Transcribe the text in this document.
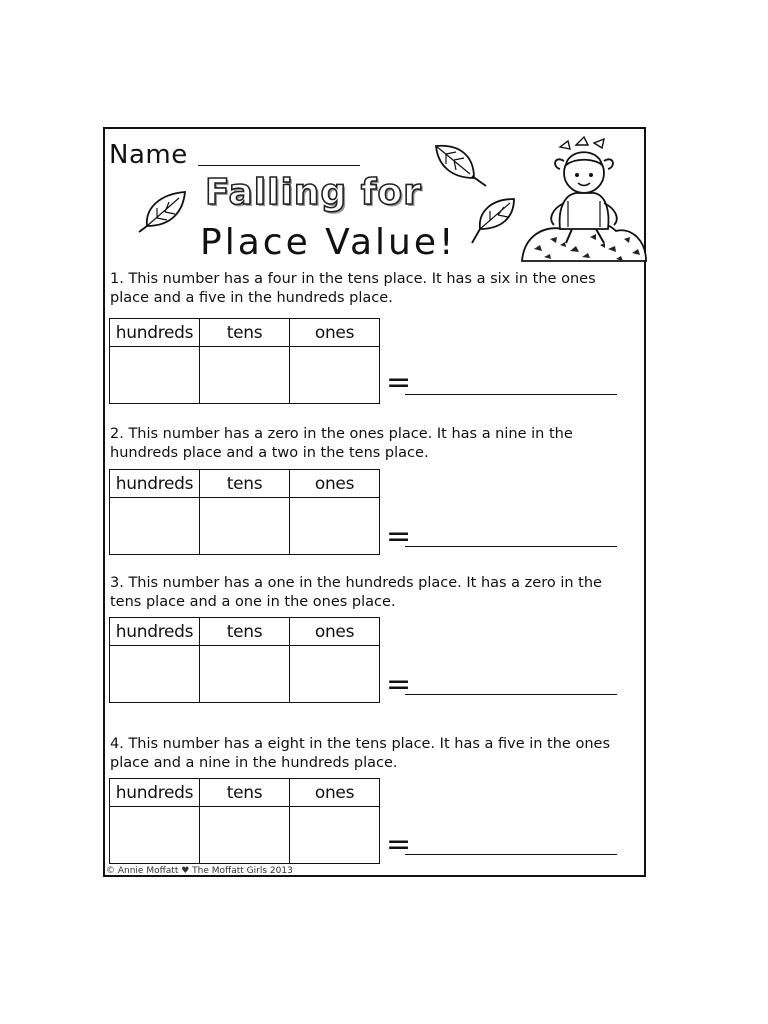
Name
Falling for
Place Value!
1. This number has a four in the tens place. It has a six in the ones place and a five in the hundreds place.
hundreds	tens	ones

=
2. This number has a zero in the ones place. It has a nine in the hundreds place and a two in the tens place.
hundreds	tens	ones

=
3. This number has a one in the hundreds place. It has a zero in the tens place and a one in the ones place.
hundreds	tens	ones

=
4. This number has a eight in the tens place. It has a five in the ones place and a nine in the hundreds place.
hundreds	tens	ones

=
© Annie Moffatt ♥ The Moffatt Girls 2013
